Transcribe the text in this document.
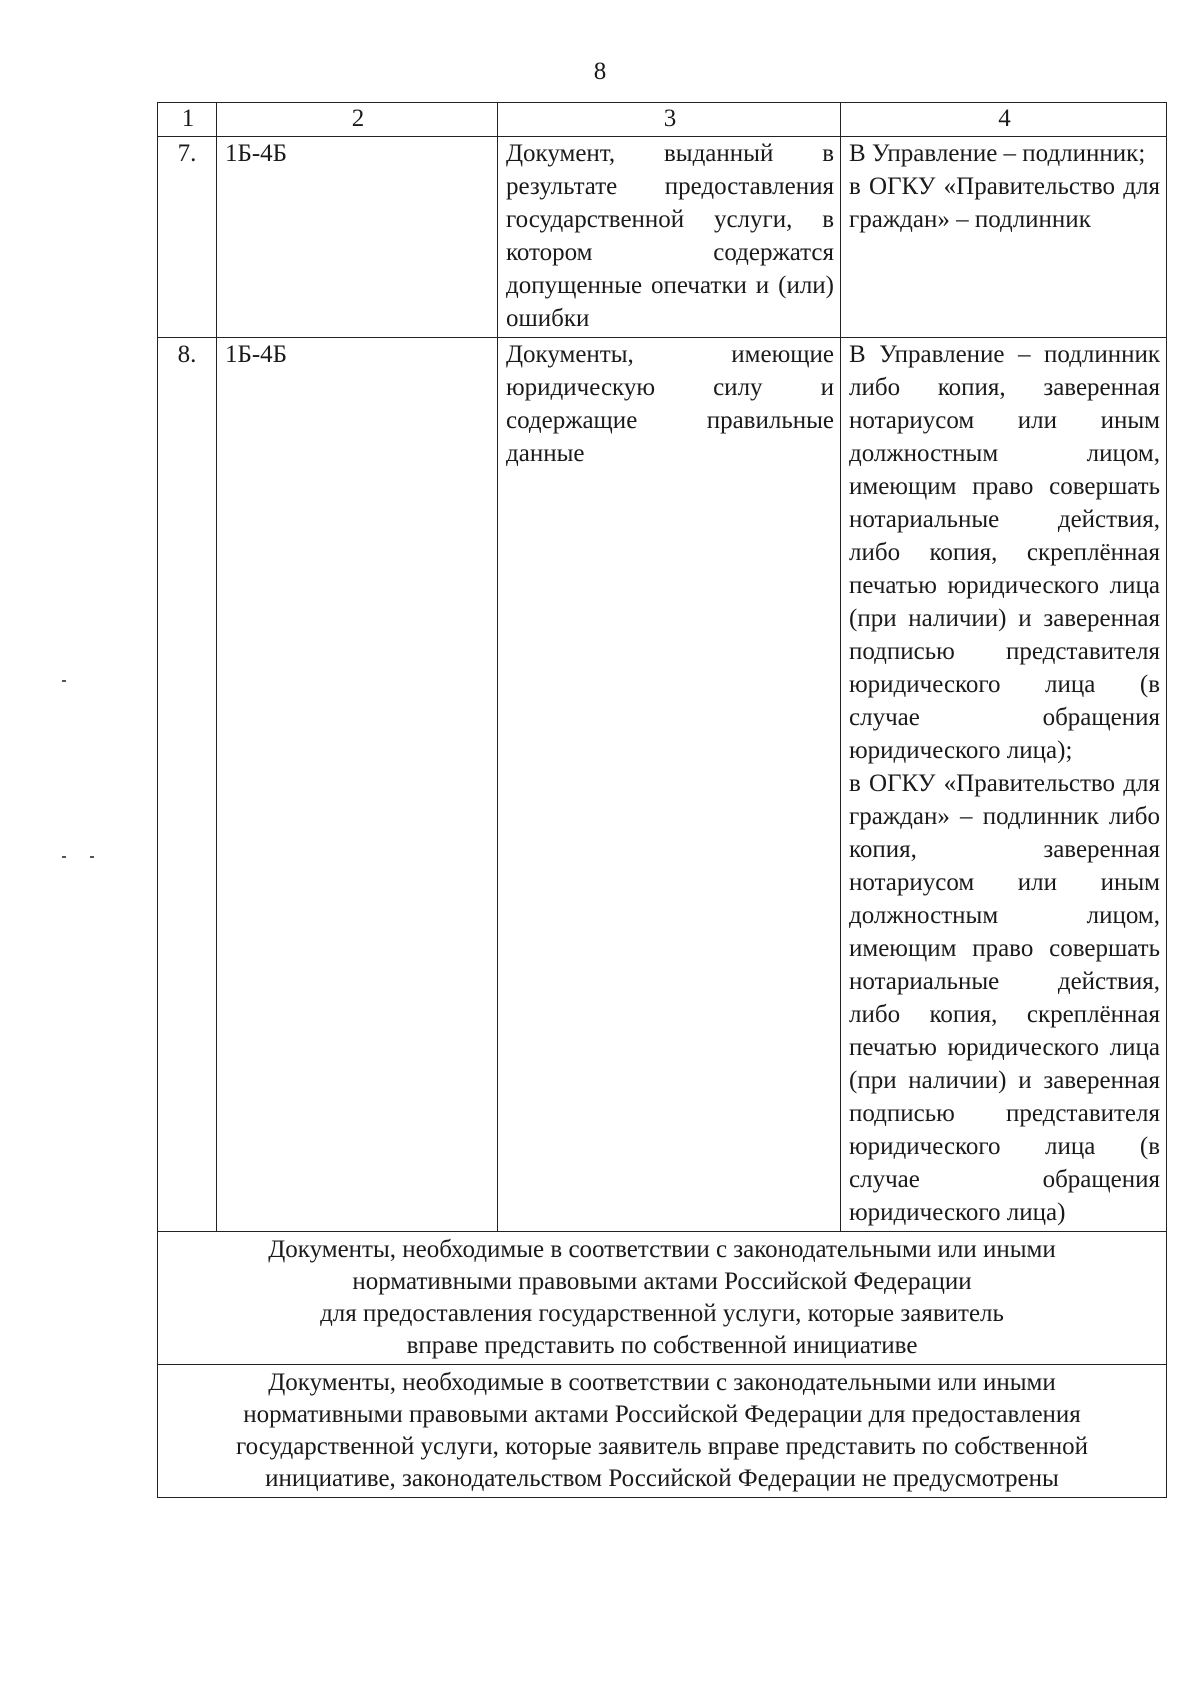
8
1	2	3	4
7.	1Б-4Б	Документ, выданный в результате предоставления государственной услуги, в котором содержатся допущенные опечатки и (или) ошибки	В Управление – подлинник;
в ОГКУ «Правительство для граждан» – подлинник

8.	1Б-4Б	Документы, имеющие юридическую силу и содержащие правильные данные	В Управление – подлинник либо копия, заверенная нотариусом или иным должностным лицом, имеющим право совершать нотариальные действия, либо копия, скреплённая печатью юридического лица (при наличии) и заверенная подписью представителя юридического лица (в случае обращения юридического лица);
в ОГКУ «Правительство для граждан» – подлинник либо копия, заверенная нотариусом или иным должностным лицом, имеющим право совершать нотариальные действия, либо копия, скреплённая печатью юридического лица (при наличии) и заверенная подписью представителя юридического лица (в случае обращения юридического лица)

Документы, необходимые в соответствии с законодательными или иными
нормативными правовыми актами Российской Федерации
для предоставления государственной услуги, которые заявитель
вправе представить по собственной инициативе			

Документы, необходимые в соответствии с законодательными или иными
нормативными правовыми актами Российской Федерации для предоставления
государственной услуги, которые заявитель вправе представить по собственной
инициативе, законодательством Российской Федерации не предусмотрены			
